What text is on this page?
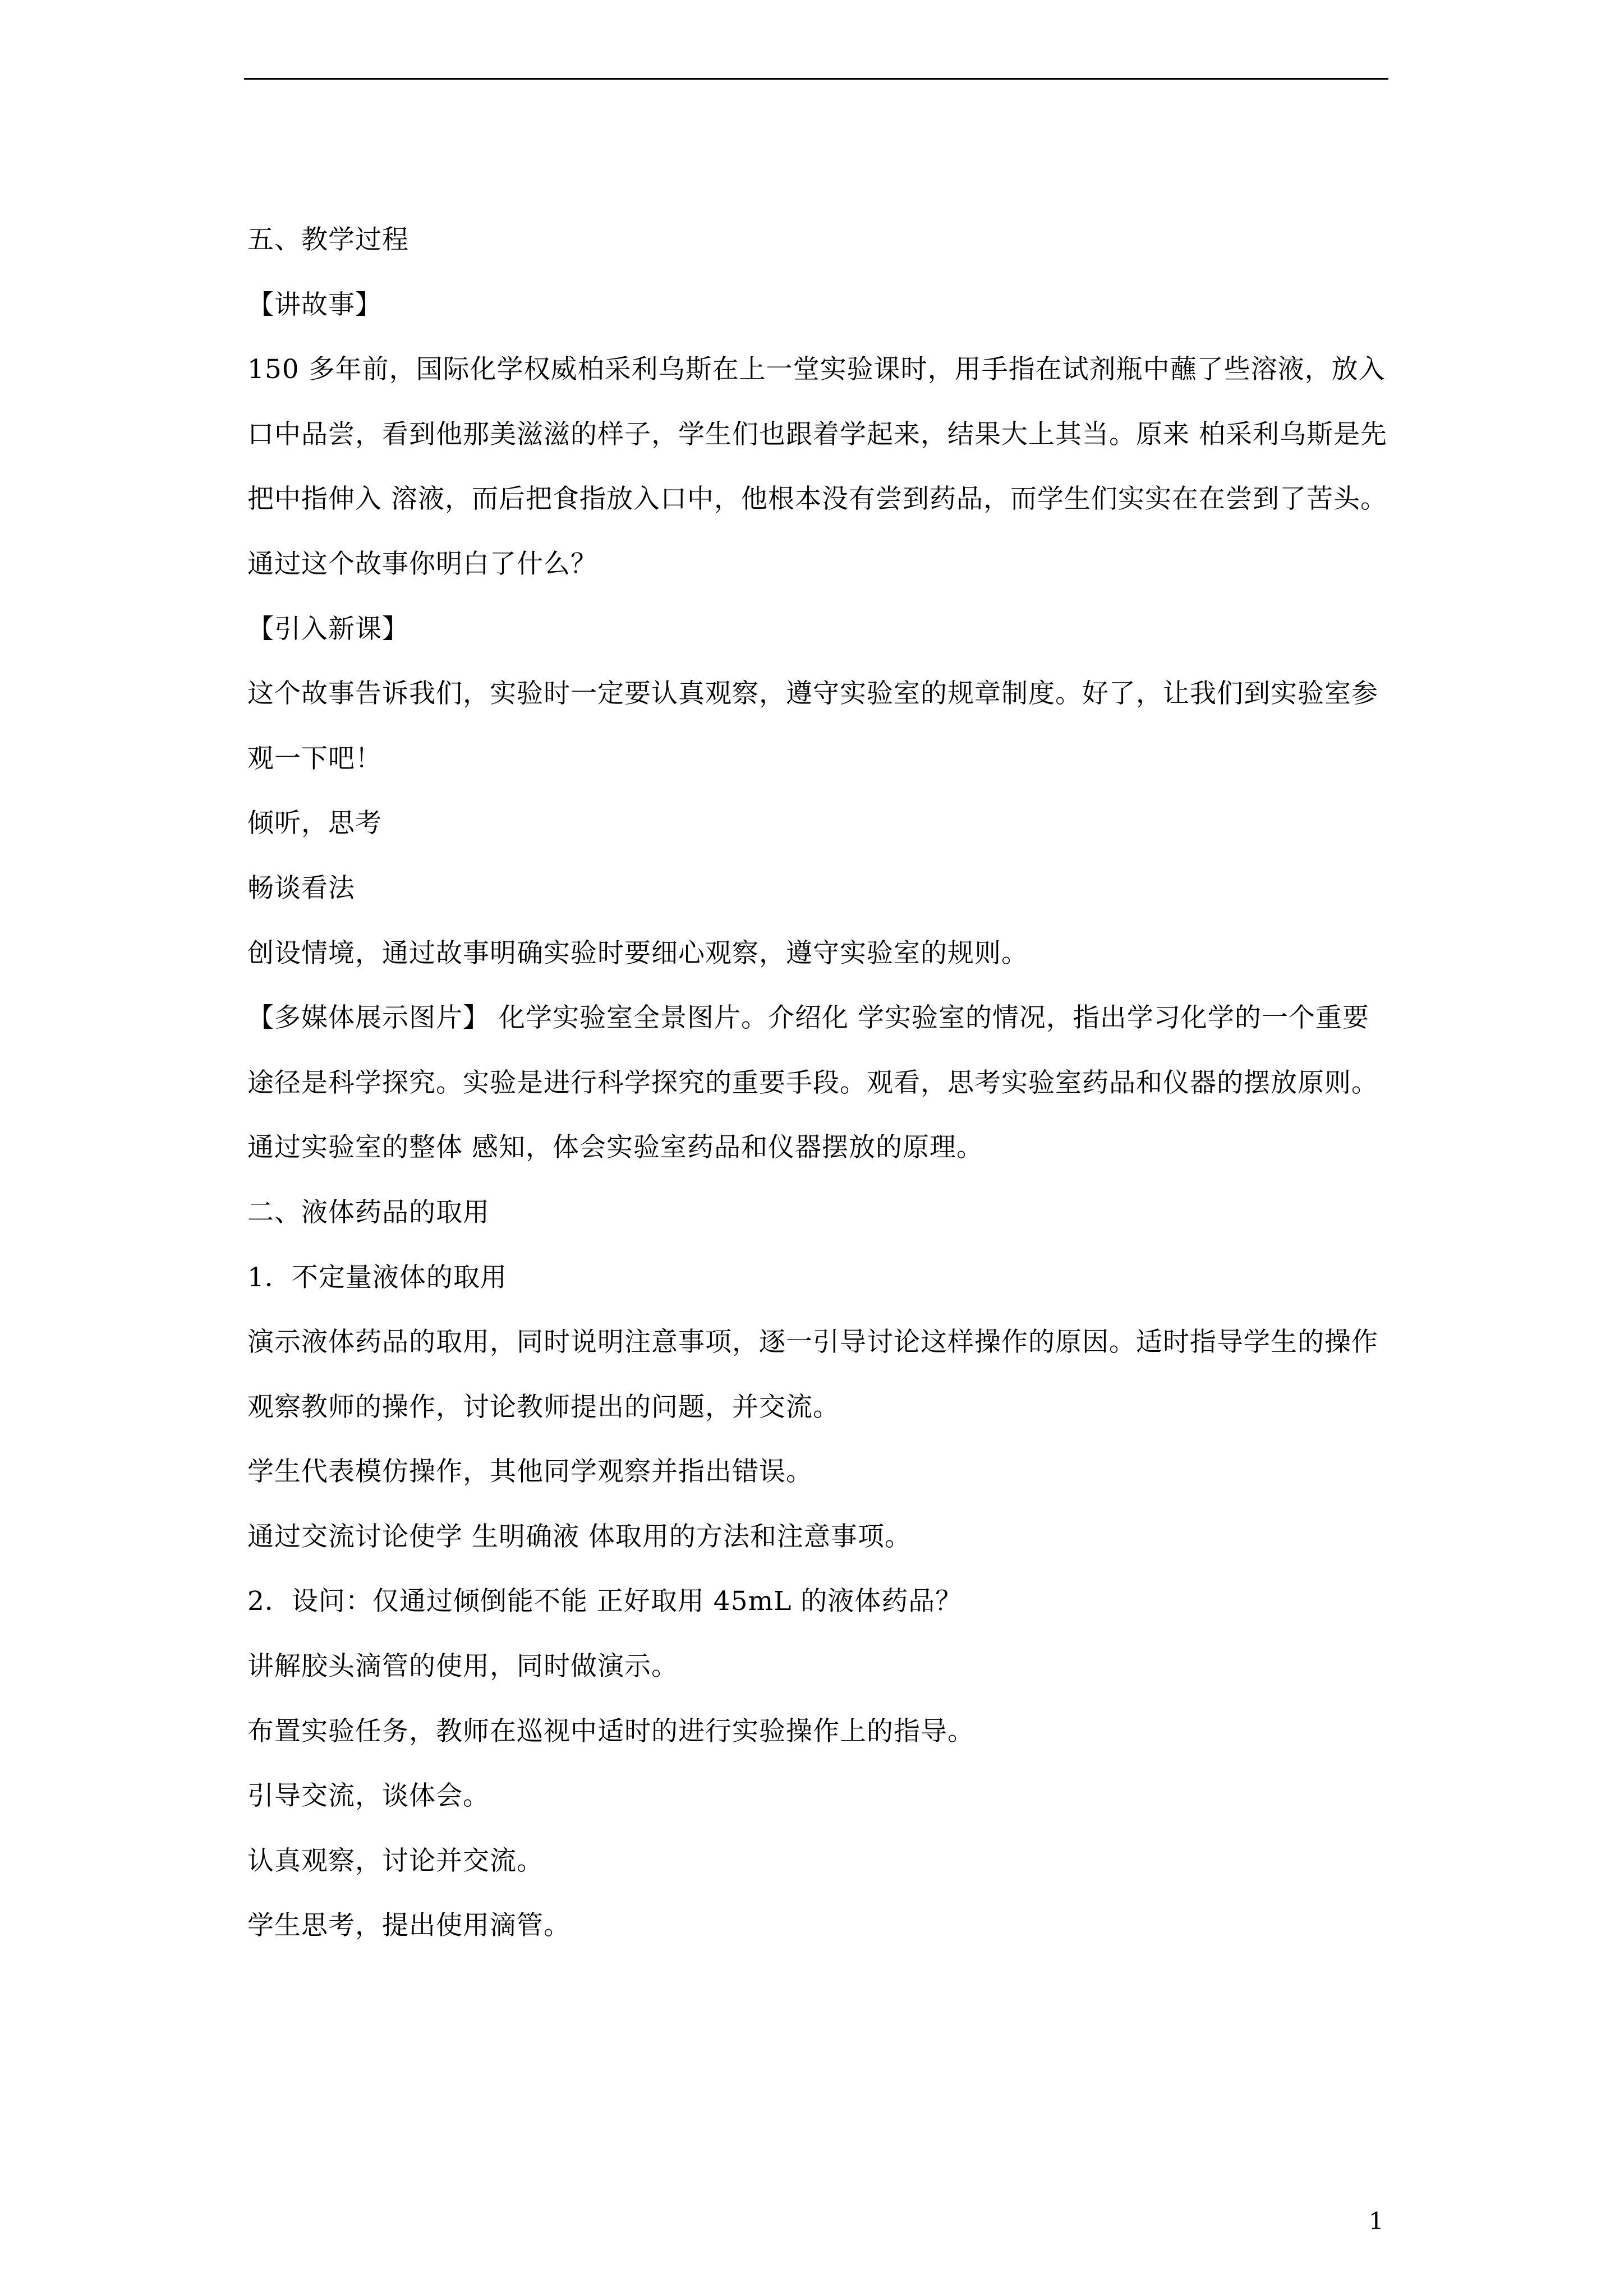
五、教学过程

【讲故事】

150 多年前，国际化学权威柏采利乌斯在上一堂实验课时，用手指在试剂瓶中蘸了些溶液，放入口中品尝，看到他那美滋滋的样子，学生们也跟着学起来，结果大上其当。原来 柏采利乌斯是先把中指伸入 溶液，而后把食指放入口中，他根本没有尝到药品，而学生们实实在在尝到了苦头。

通过这个故事你明白了什么？

【引入新课】

这个故事告诉我们，实验时一定要认真观察，遵守实验室的规章制度。好了，让我们到实验室参观一下吧！

倾听，思考

畅谈看法

创设情境，通过故事明确实验时要细心观察，遵守实验室的规则。

【多媒体展示图片】 化学实验室全景图片。介绍化 学实验室的情况，指出学习化学的一个重要途径是科学探究。实验是进行科学探究的重要手段。观看，思考实验室药品和仪器的摆放原则。

通过实验室的整体 感知，体会实验室药品和仪器摆放的原理。

二、液体药品的取用

1．不定量液体的取用

演示液体药品的取用，同时说明注意事项，逐一引导讨论这样操作的原因。适时指导学生的操作

观察教师的操作，讨论教师提出的问题，并交流。

学生代表模仿操作，其他同学观察并指出错误。

通过交流讨论使学 生明确液 体取用的方法和注意事项。

2．设问：仅通过倾倒能不能 正好取用 45mL 的液体药品？

讲解胶头滴管的使用，同时做演示。

布置实验任务，教师在巡视中适时的进行实验操作上的指导。

引导交流，谈体会。

认真观察，讨论并交流。

学生思考，提出使用滴管。

1
